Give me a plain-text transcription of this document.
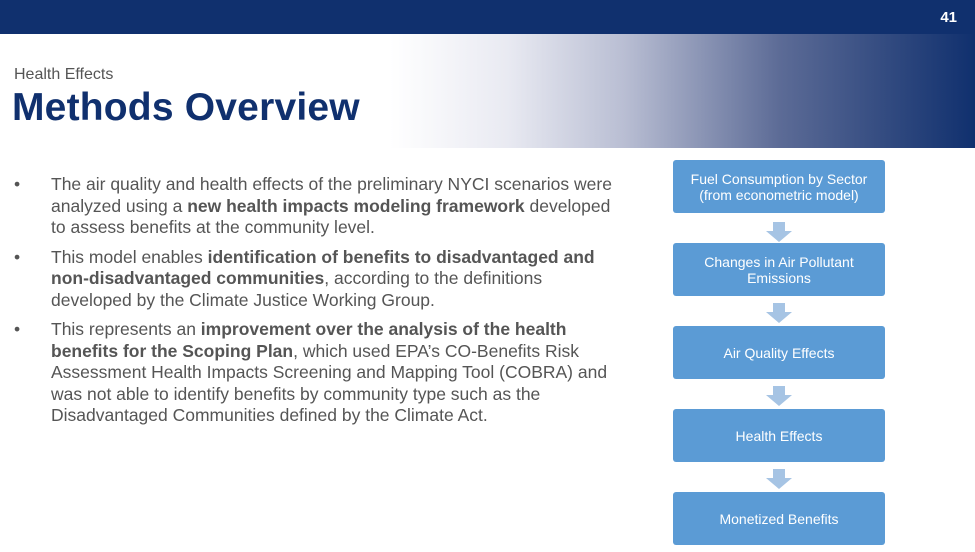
41
Health Effects
Methods Overview
• The air quality and health effects of the preliminary NYCI scenarios were analyzed using a new health impacts modeling framework developed to assess benefits at the community level.
• This model enables identification of benefits to disadvantaged and non-disadvantaged communities, according to the definitions developed by the Climate Justice Working Group.
• This represents an improvement over the analysis of the health benefits for the Scoping Plan, which used EPA’s CO-Benefits Risk Assessment Health Impacts Screening and Mapping Tool (COBRA) and was not able to identify benefits by community type such as the Disadvantaged Communities defined by the Climate Act.
Fuel Consumption by Sector
(from econometric model)
Changes in Air Pollutant
Emissions
Air Quality Effects
Health Effects
Monetized Benefits
